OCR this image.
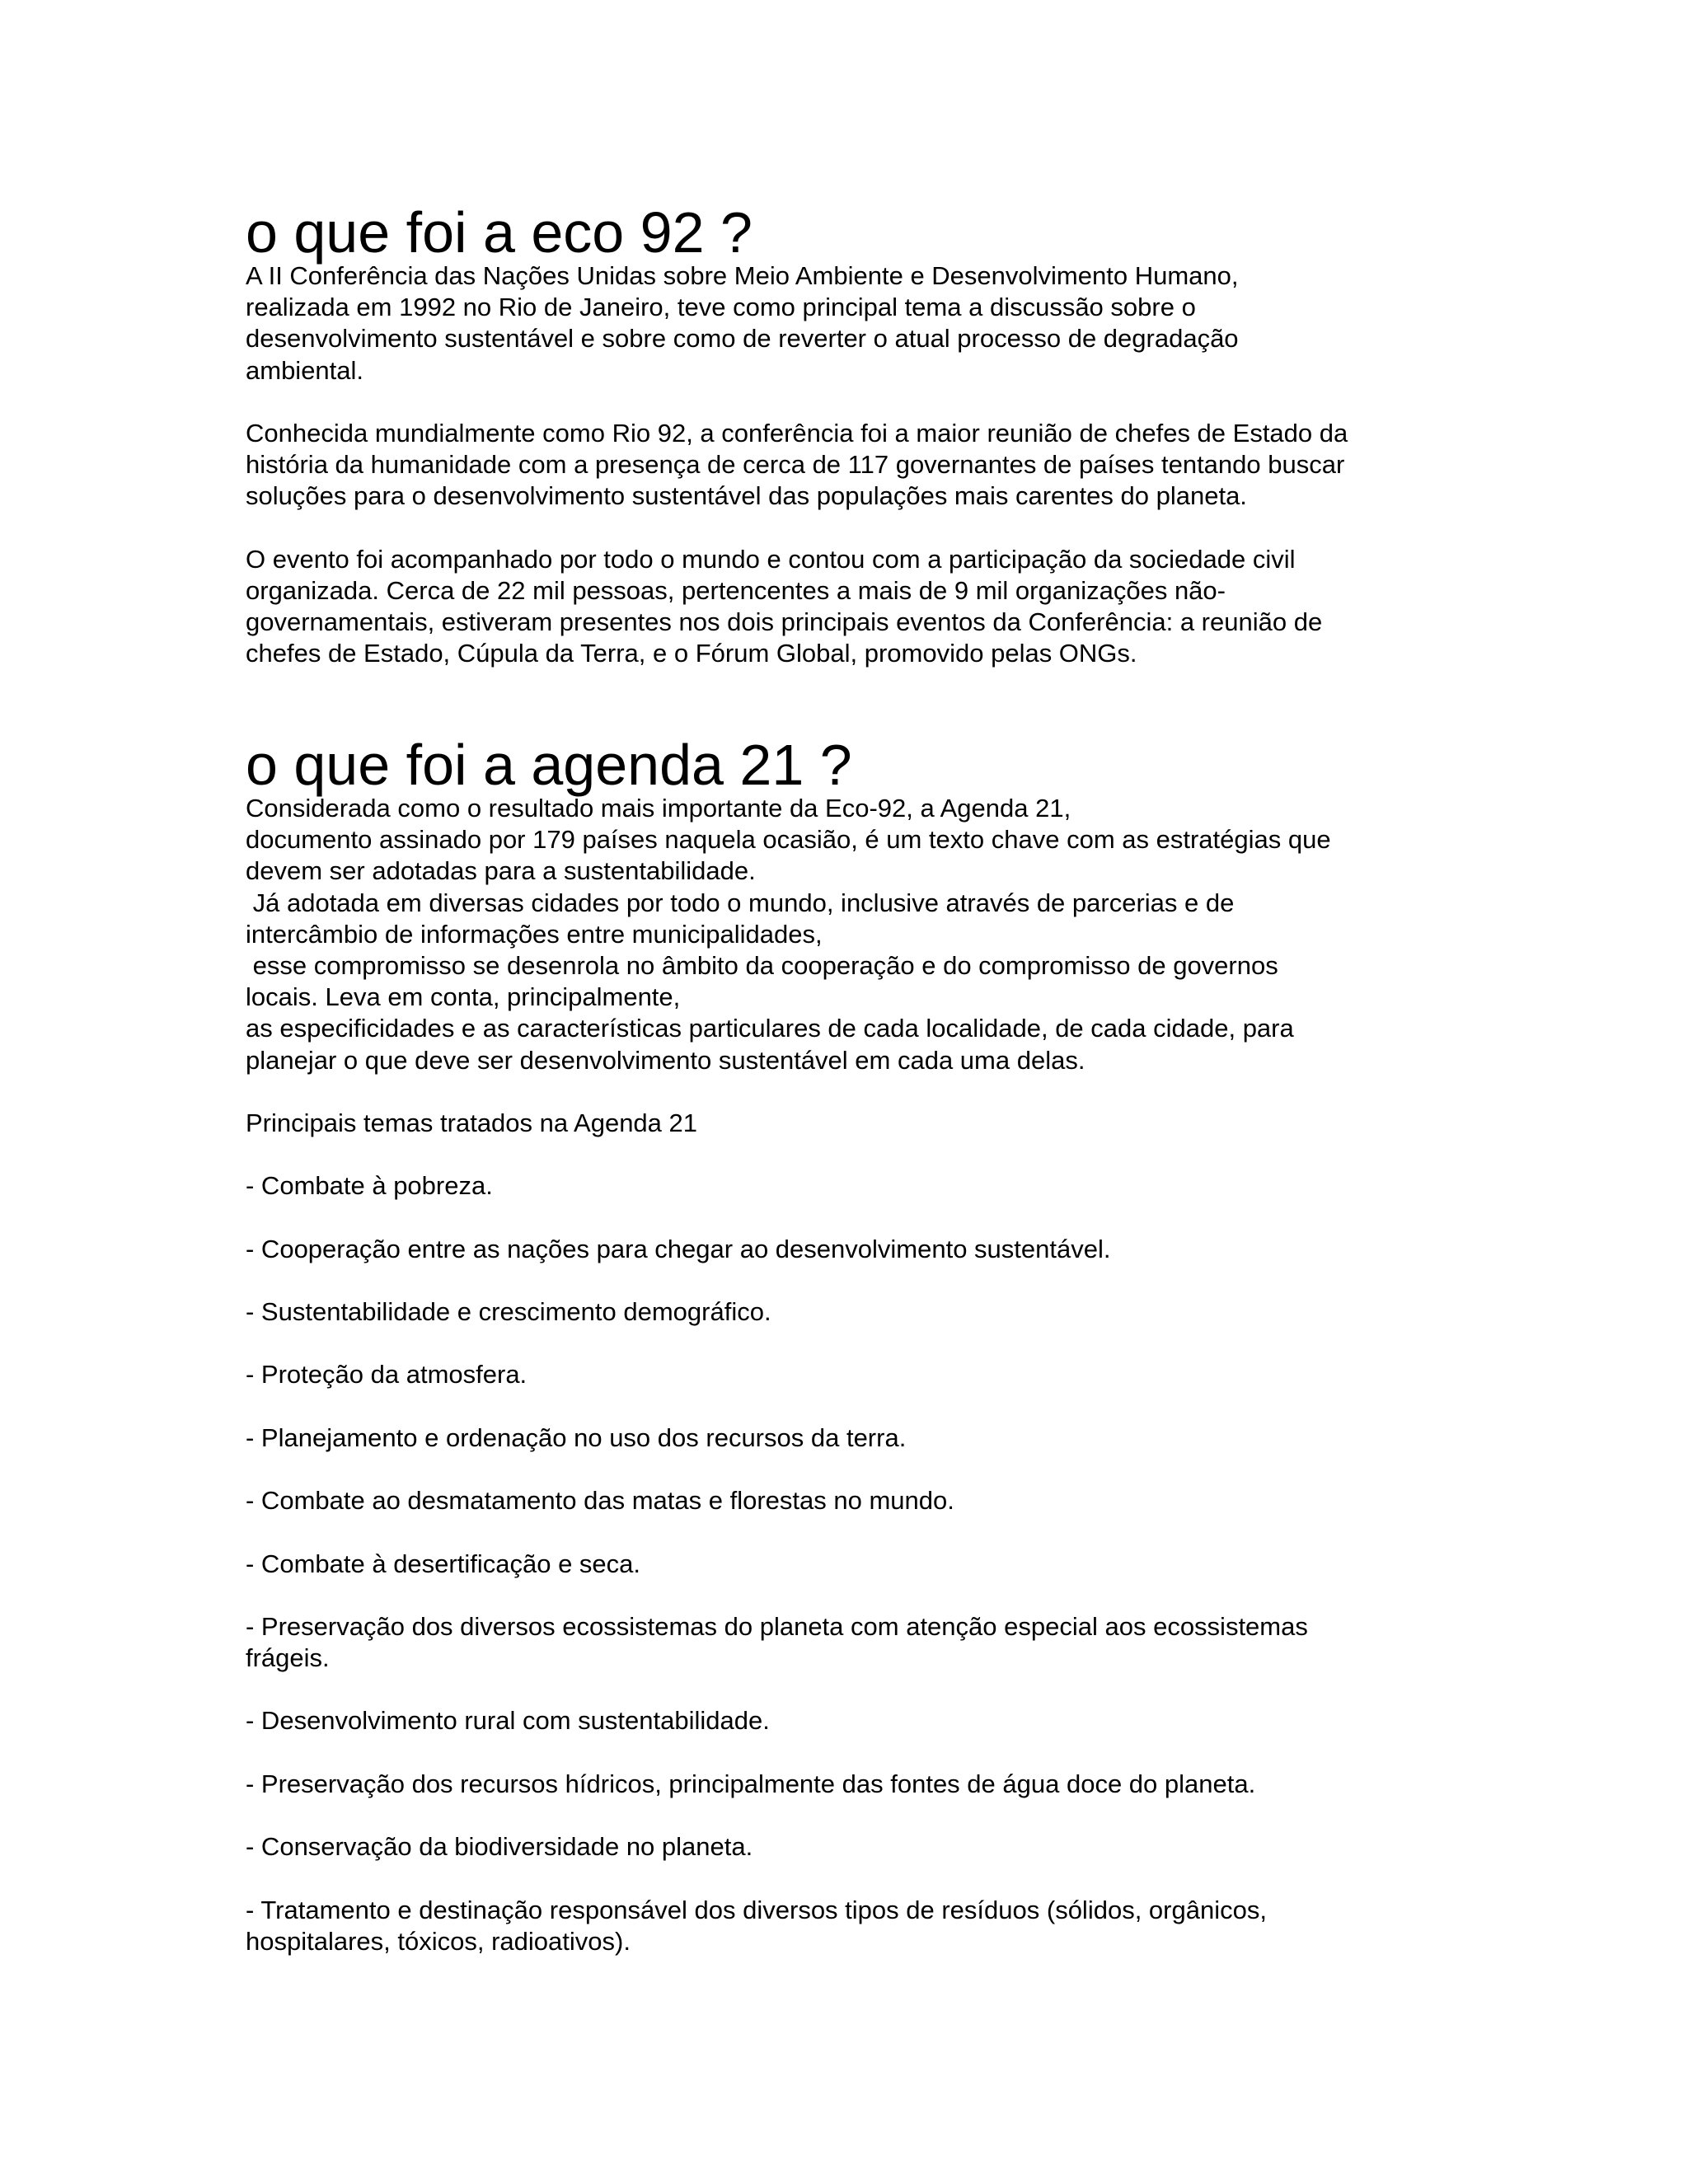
o que foi a eco 92 ?
A II Conferência das Nações Unidas sobre Meio Ambiente e Desenvolvimento Humano,
realizada em 1992 no Rio de Janeiro, teve como principal tema a discussão sobre o
desenvolvimento sustentável e sobre como de reverter o atual processo de degradação
ambiental.
Conhecida mundialmente como Rio 92, a conferência foi a maior reunião de chefes de Estado da
história da humanidade com a presença de cerca de 117 governantes de países tentando buscar
soluções para o desenvolvimento sustentável das populações mais carentes do planeta.
O evento foi acompanhado por todo o mundo e contou com a participação da sociedade civil
organizada. Cerca de 22 mil pessoas, pertencentes a mais de 9 mil organizações não-
governamentais, estiveram presentes nos dois principais eventos da Conferência: a reunião de
chefes de Estado, Cúpula da Terra, e o Fórum Global, promovido pelas ONGs.
o que foi a agenda 21 ?
Considerada como o resultado mais importante da Eco-92, a Agenda 21,
documento assinado por 179 países naquela ocasião, é um texto chave com as estratégias que
devem ser adotadas para a sustentabilidade.
Já adotada em diversas cidades por todo o mundo, inclusive através de parcerias e de
intercâmbio de informações entre municipalidades,
esse compromisso se desenrola no âmbito da cooperação e do compromisso de governos
locais. Leva em conta, principalmente,
as especificidades e as características particulares de cada localidade, de cada cidade, para
planejar o que deve ser desenvolvimento sustentável em cada uma delas.
Principais temas tratados na Agenda 21
- Combate à pobreza.
- Cooperação entre as nações para chegar ao desenvolvimento sustentável.
- Sustentabilidade e crescimento demográfico.
- Proteção da atmosfera.
- Planejamento e ordenação no uso dos recursos da terra.
- Combate ao desmatamento das matas e florestas no mundo.
- Combate à desertificação e seca.
- Preservação dos diversos ecossistemas do planeta com atenção especial aos ecossistemas
frágeis.
- Desenvolvimento rural com sustentabilidade.
- Preservação dos recursos hídricos, principalmente das fontes de água doce do planeta.
- Conservação da biodiversidade no planeta.
- Tratamento e destinação responsável dos diversos tipos de resíduos (sólidos, orgânicos,
hospitalares, tóxicos, radioativos).
